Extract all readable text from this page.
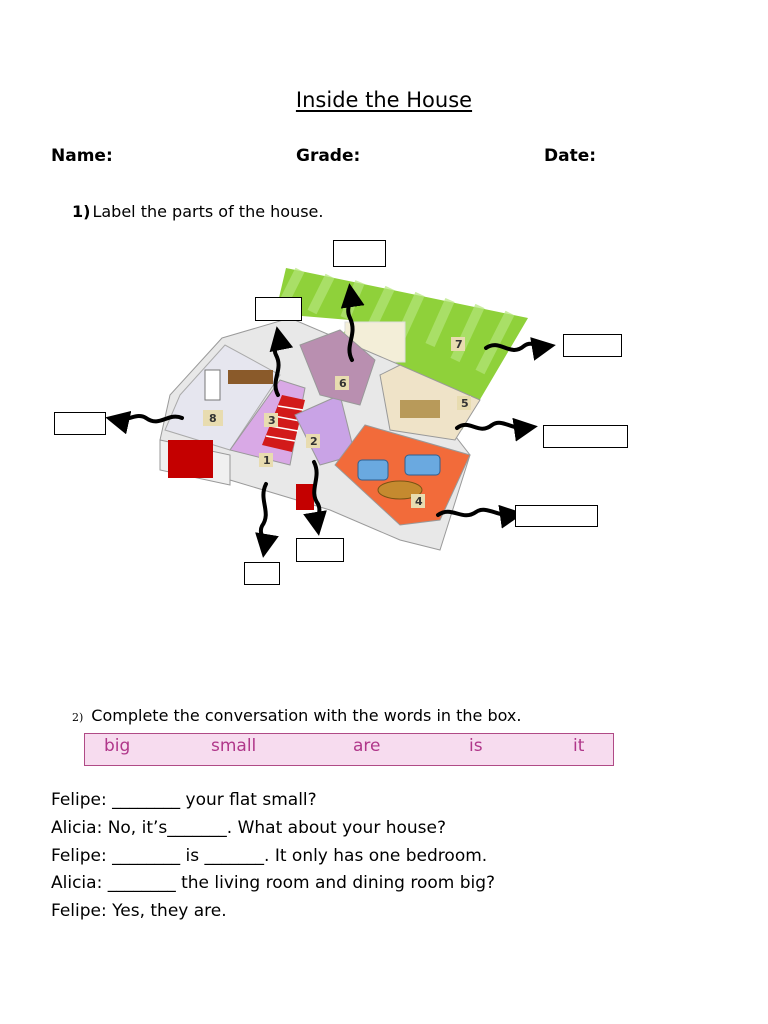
Inside the House
Name:	Grade:	Date:
1) Label the parts of the house.
1
2
3
4
5
6
7
8
2) Complete the conversation with the words in the box.
big	small	are	is	it
Felipe: ________ your flat small?
Alicia: No, it’s_______. What about your house?
Felipe: ________ is _______. It only has one bedroom.
Alicia: ________ the living room and dining room big?
Felipe: Yes, they are.
